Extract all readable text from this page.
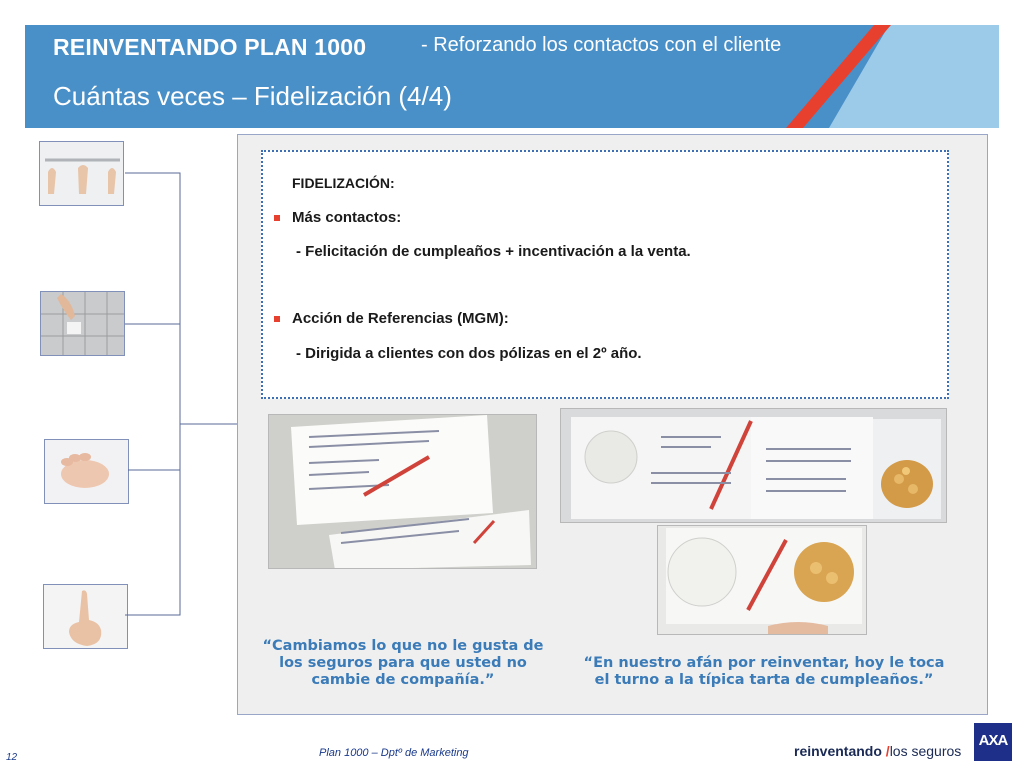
REINVENTANDO PLAN 1000	- Reforzando los contactos con el cliente
Cuántas veces – Fidelización (4/4)
FIDELIZACIÓN:
Más contactos:
- Felicitación de cumpleaños + incentivación a la venta.
Acción de Referencias (MGM):
- Dirigida a clientes con dos pólizas en el 2º año.
“Cambiamos lo que no le gusta de
los seguros para que usted no
cambie de compañía.”
“En nuestro afán por reinventar, hoy le toca
el turno a la típica tarta de cumpleaños.”
12	Plan 1000 – Dptº de Marketing	reinventando /los seguros
AXA
